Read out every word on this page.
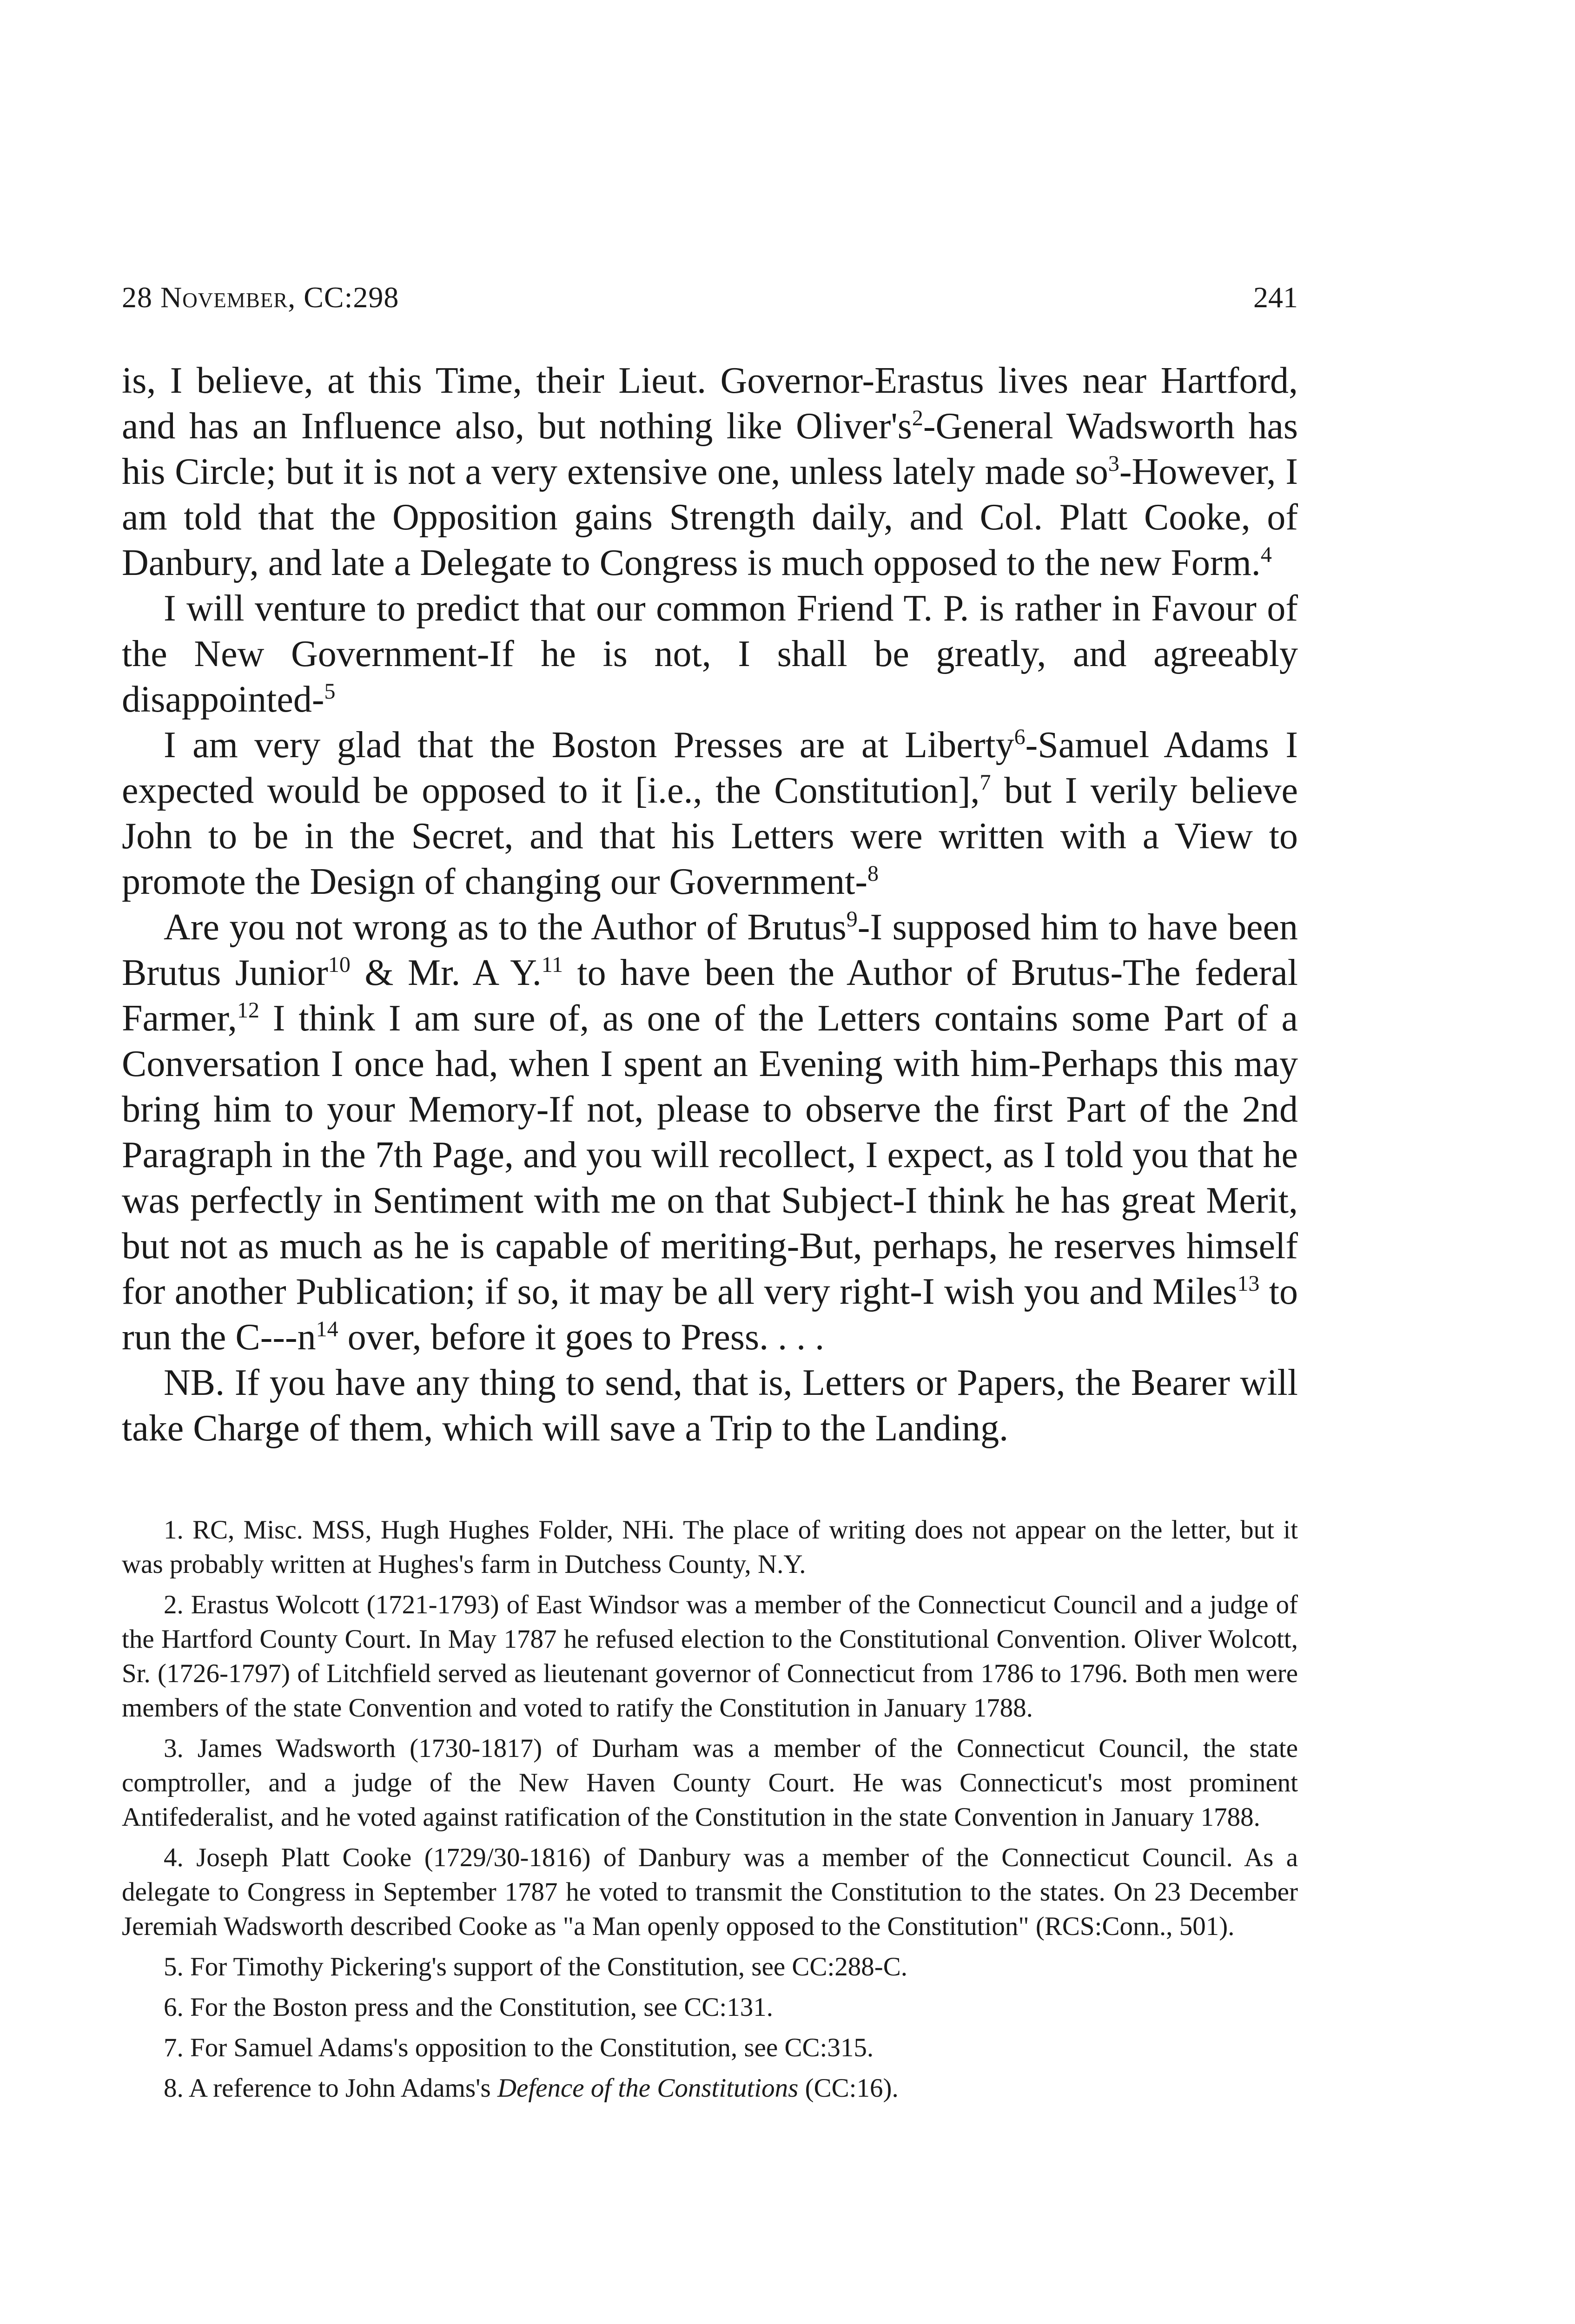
28 November, CC:298	241

is, I believe, at this Time, their Lieut. Governor-Erastus lives near Hartford, and has an Influence also, but nothing like $Oliver's^2$-General Wadsworth has his Circle; but it is not a very extensive one, unless lately made $so^3$-However, I am told that the Opposition gains Strength daily, and Col. Platt Cooke, of Danbury, and late a Delegate to Congress is much opposed to the new Form.$^4$

I will venture to predict that our common Friend T. P. is rather in Favour of the New Government-If he is not, I shall be greatly, and agreeably disappointed-$^5$

I am very glad that the Boston Presses are at Liberty$^6$-Samuel Adams I expected would be opposed to it [i.e., the Constitution],$^7$ but I verily believe John to be in the Secret, and that his Letters were written with a View to promote the Design of changing our Government-$^8$

Are you not wrong as to the Author of Brutus$^9$-I supposed him to have been Brutus Junior$^{10}$ & Mr. A Y.$^{11}$ to have been the Author of Brutus-The federal Farmer,$^{12}$ I think I am sure of, as one of the Letters contains some Part of a Conversation I once had, when I spent an Evening with him-Perhaps this may bring him to your Memory-If not, please to observe the first Part of the 2nd Paragraph in the 7th Page, and you will recollect, I expect, as I told you that he was perfectly in Sentiment with me on that Subject-I think he has great Merit, but not as much as he is capable of meriting-But, perhaps, he reserves himself for another Publication; if so, it may be all very right-I wish you and Miles$^{13}$ to run the $C---n^{14}$ over, before it goes to Press. . . .

NB. If you have any thing to send, that is, Letters or Papers, the Bearer will take Charge of them, which will save a Trip to the Landing.

1. RC, Misc. MSS, Hugh Hughes Folder, NHi. The place of writing does not appear on the letter, but it was probably written at Hughes's farm in Dutchess County, N.Y.

2. Erastus Wolcott (1721-1793) of East Windsor was a member of the Connecticut Council and a judge of the Hartford County Court. In May 1787 he refused election to the Constitutional Convention. Oliver Wolcott, Sr. (1726-1797) of Litchfield served as lieutenant governor of Connecticut from 1786 to 1796. Both men were members of the state Convention and voted to ratify the Constitution in January 1788.

3. James Wadsworth (1730-1817) of Durham was a member of the Connecticut Council, the state comptroller, and a judge of the New Haven County Court. He was Connecticut's most prominent Antifederalist, and he voted against ratification of the Constitution in the state Convention in January 1788.

4. Joseph Platt Cooke (1729/30-1816) of Danbury was a member of the Connecticut Council. As a delegate to Congress in September 1787 he voted to transmit the Constitution to the states. On 23 December Jeremiah Wadsworth described Cooke as "a Man openly opposed to the Constitution" (RCS:Conn., 501).

5. For Timothy Pickering's support of the Constitution, see CC:288-C.

6. For the Boston press and the Constitution, see CC:131.

7. For Samuel Adams's opposition to the Constitution, see CC:315.

8. A reference to John Adams's Defence of the Constitutions (CC:16).
